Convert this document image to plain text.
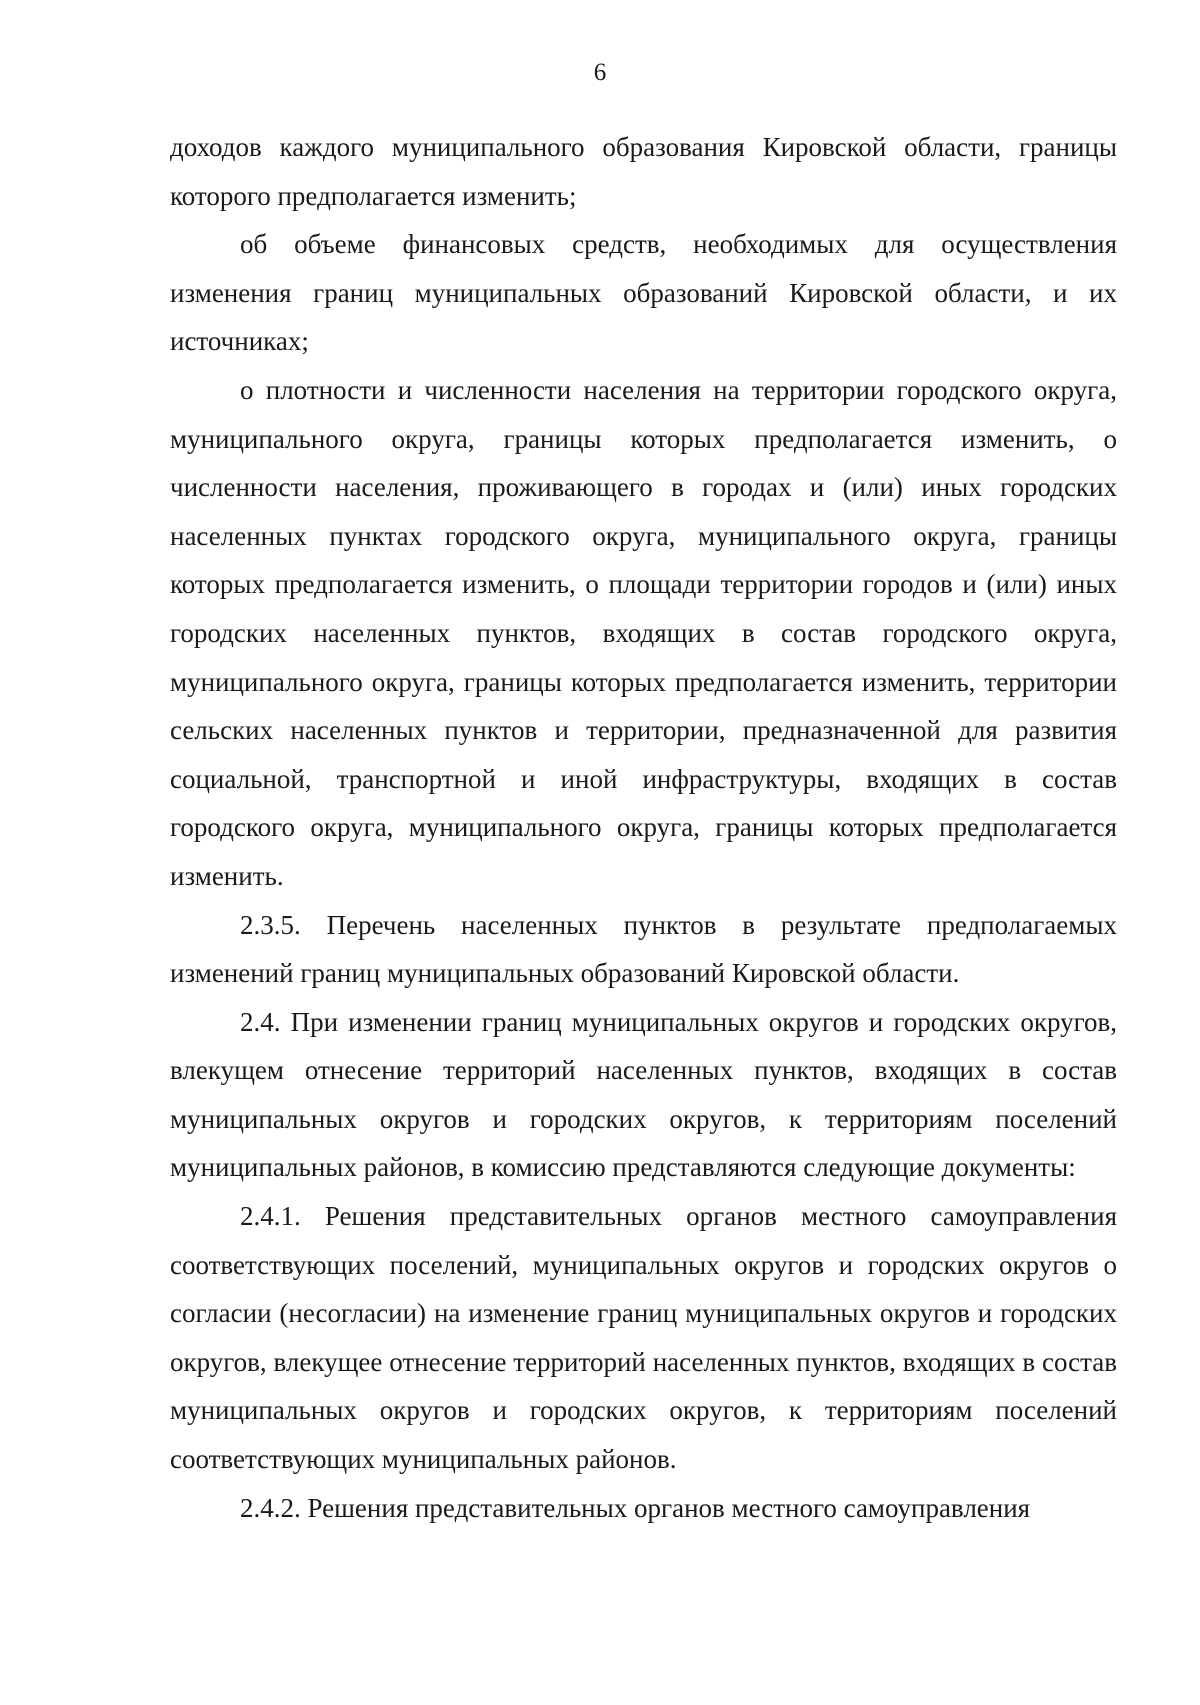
6

доходов каждого муниципального образования Кировской области, границы которого предполагается изменить;

об объеме финансовых средств, необходимых для осуществления изменения границ муниципальных образований Кировской области, и их источниках;

о плотности и численности населения на территории городского округа, муниципального округа, границы которых предполагается изменить, о численности населения, проживающего в городах и (или) иных городских населенных пунктах городского округа, муниципального округа, границы которых предполагается изменить, о площади территории городов и (или) иных городских населенных пунктов, входящих в состав городского округа, муниципального округа, границы которых предполагается изменить, территории сельских населенных пунктов и территории, предназначенной для развития социальной, транспортной и иной инфраструктуры, входящих в состав городского округа, муниципального округа, границы которых предполагается изменить.

2.3.5. Перечень населенных пунктов в результате предполагаемых изменений границ муниципальных образований Кировской области.

2.4. При изменении границ муниципальных округов и городских округов, влекущем отнесение территорий населенных пунктов, входящих в состав муниципальных округов и городских округов, к территориям поселений муниципальных районов, в комиссию представляются следующие документы:

2.4.1. Решения представительных органов местного самоуправления соответствующих поселений, муниципальных округов и городских округов о согласии (несогласии) на изменение границ муниципальных округов и городских округов, влекущее отнесение территорий населенных пунктов, входящих в состав муниципальных округов и городских округов, к территориям поселений соответствующих муниципальных районов.

2.4.2. Решения представительных органов местного самоуправления
